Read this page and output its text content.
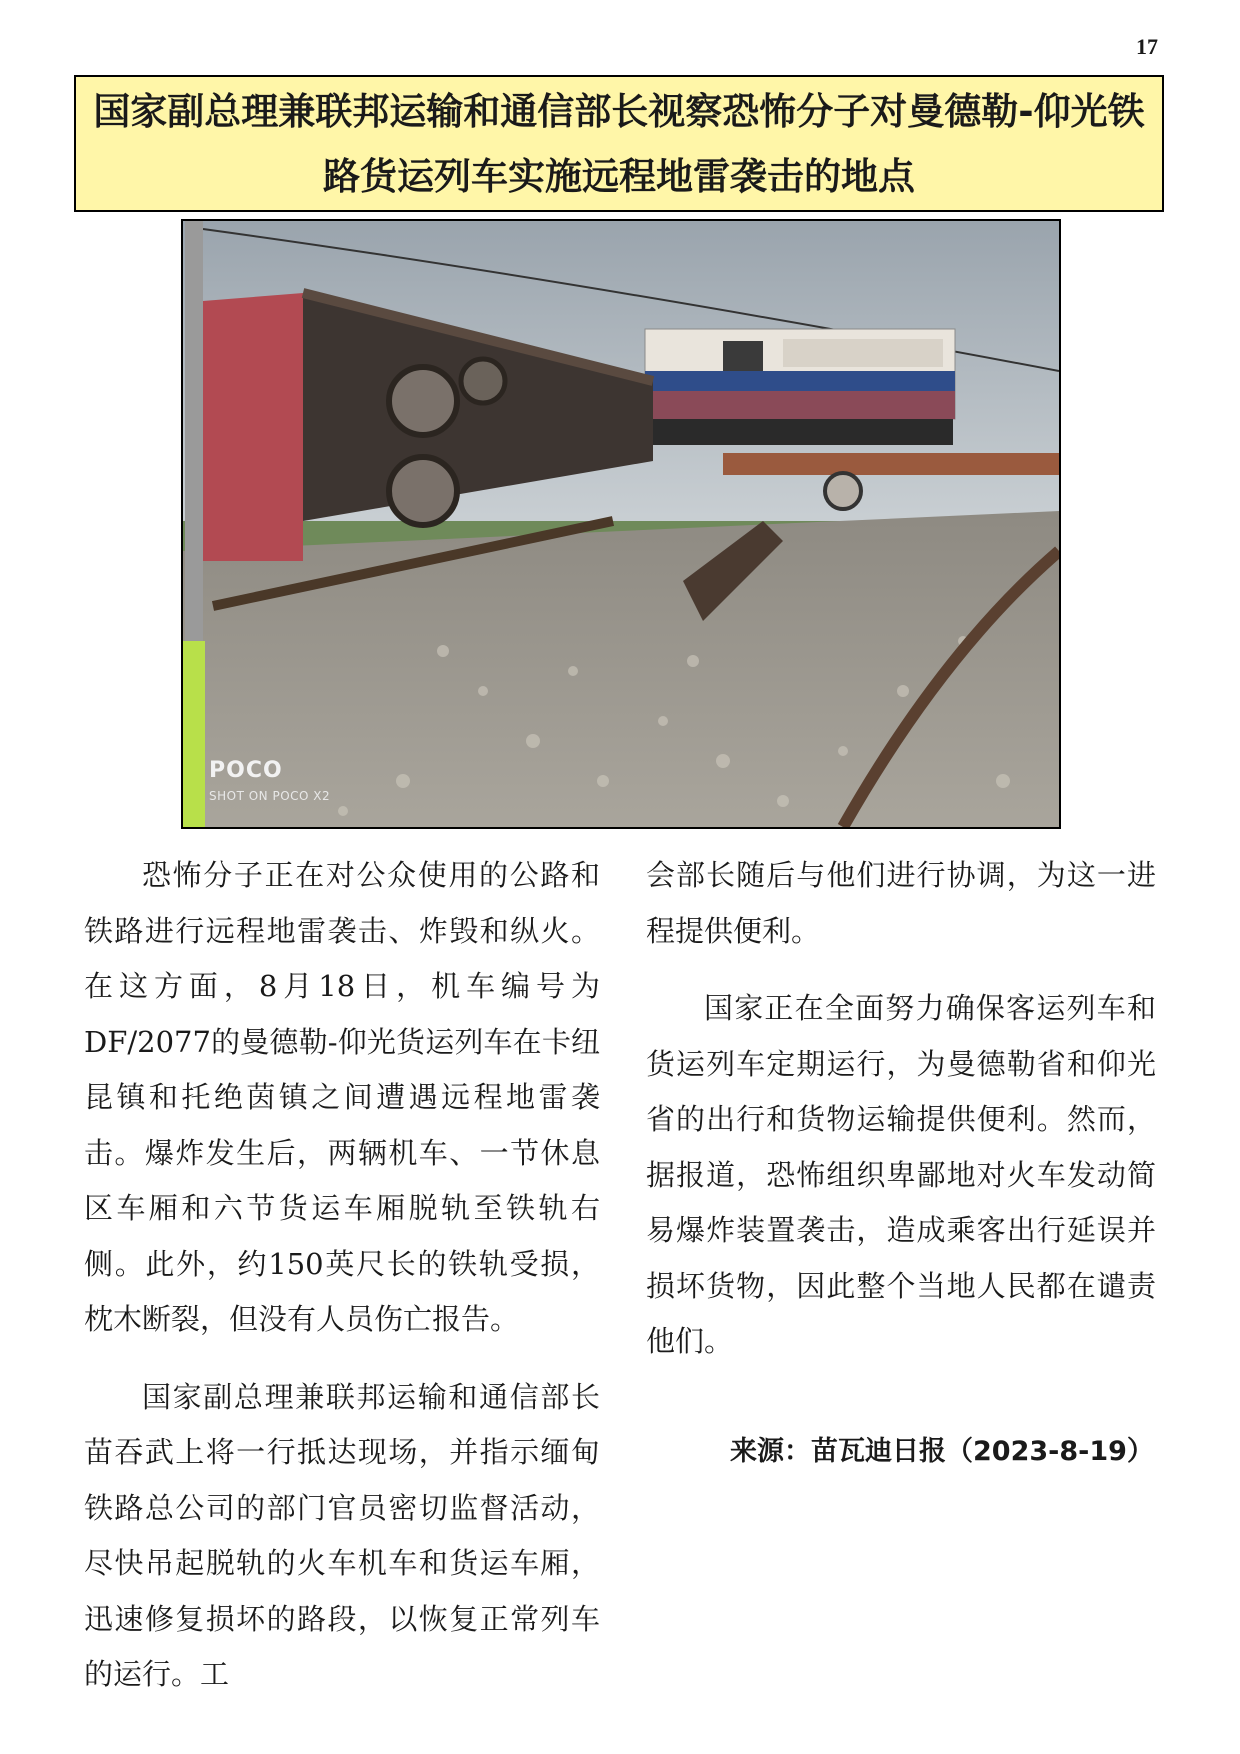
17
国家副总理兼联邦运输和通信部长视察恐怖分子对曼德勒-仰光铁路货运列车实施远程地雷袭击的地点
POCO
SHOT ON POCO X2

恐怖分子正在对公众使用的公路和铁路进行远程地雷袭击、炸毁和纵火。在这方面，8月18日，机车编号为DF/2077的曼德勒-仰光货运列车在卡纽昆镇和托绝茵镇之间遭遇远程地雷袭击。爆炸发生后，两辆机车、一节休息区车厢和六节货运车厢脱轨至铁轨右侧。此外，约150英尺长的铁轨受损，枕木断裂，但没有人员伤亡报告。

国家副总理兼联邦运输和通信部长苗吞武上将一行抵达现场，并指示缅甸铁路总公司的部门官员密切监督活动，尽快吊起脱轨的火车机车和货运车厢，迅速修复损坏的路段，以恢复正常列车的运行。工

会部长随后与他们进行协调，为这一进程提供便利。

国家正在全面努力确保客运列车和货运列车定期运行，为曼德勒省和仰光省的出行和货物运输提供便利。然而，据报道，恐怖组织卑鄙地对火车发动简易爆炸装置袭击，造成乘客出行延误并损坏货物，因此整个当地人民都在谴责他们。

来源：苗瓦迪日报（2023-8-19）
